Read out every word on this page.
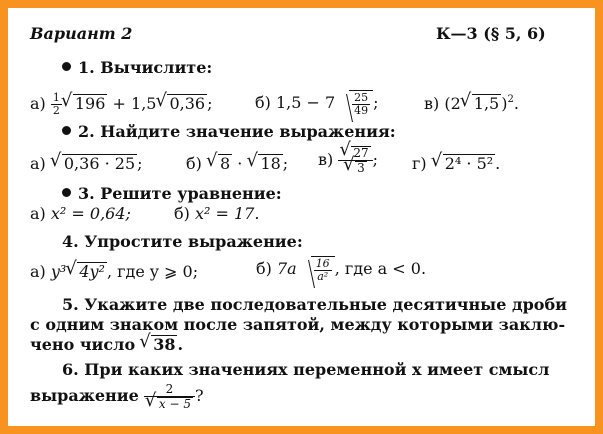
Вариант 2	К—3 (§ 5, 6)
1. Вычислите:
$а) \frac{1}{2}$ √ 196 + 1,5 √ 0,36 ;	б) $1,5 - 7 \frac{25}{49}$ ;	в) (2 √ 1,5 )$^2$.
2. Найдите значение выражения:
а) √ 0,36 · 25 ;	б) √ 8 · √ 18 ; в) √ 27
√ 3 ; г) √ 2⁴ · 5² .
3. Решите уравнение:
а) x² = 0,64;	б) x² = 17.
4. Упростите выражение:
а) y³ √ 4y² , где y ⩾ 0;	б) $7a \frac{16}{\text{a²}}$ , где a < 0.
5. Укажите две последовательные десятичные дроби
с одним знаком после запятой, между которыми заклю-
чено число √ 38 .
6. При каких значениях переменной x имеет смысл
выражение 2
√ x − 5 ?
